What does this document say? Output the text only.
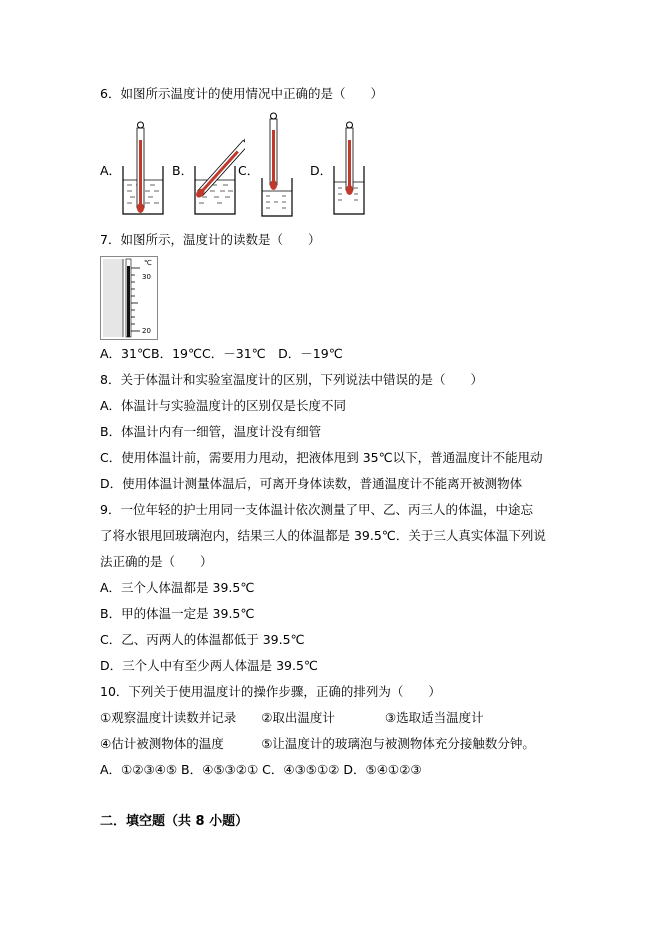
6．如图所示温度计的使用情况中正确的是（　　）
A．	B．	C．	D．
7．如图所示，温度计的读数是（　　）
℃
30
20
A．31℃B．19℃C．－31℃　D．－19℃
8．关于体温计和实验室温度计的区别，下列说法中错误的是（　　）
A．体温计与实验温度计的区别仅是长度不同
B．体温计内有一细管，温度计没有细管
C．使用体温计前，需要用力甩动，把液体甩到 35℃以下，普通温度计不能甩动
D．使用体温计测量体温后，可离开身体读数，普通温度计不能离开被测物体
9．一位年轻的护士用同一支体温计依次测量了甲、乙、丙三人的体温，中途忘
了将水银甩回玻璃泡内，结果三人的体温都是 39.5℃．关于三人真实体温下列说
法正确的是（　　）
A．三个人体温都是 39.5℃
B．甲的体温一定是 39.5℃
C．乙、丙两人的体温都低于 39.5℃
D．三个人中有至少两人体温是 39.5℃
10．下列关于使用温度计的操作步骤，正确的排列为（　　）
①观察温度计读数并记录　　②取出温度计　　　　③选取适当温度计
④估计被测物体的温度　　　⑤让温度计的玻璃泡与被测物体充分接触数分钟。
A．①②③④⑤ B．④⑤③②① C．④③⑤①② D．⑤④①②③
二．填空题（共 8 小题）
